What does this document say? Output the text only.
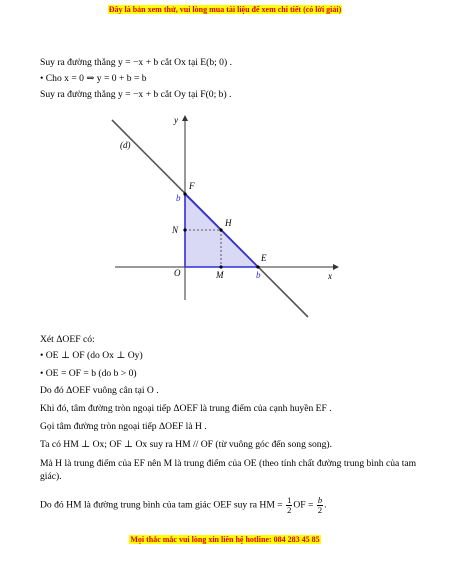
Đây là bản xem thử, vui lòng mua tài liệu để xem chi tiết (có lời giải)
Suy ra đường thẳng y = −x + b cắt Ox tại E(b; 0) .
• Cho x = 0 ⇒ y = 0 + b = b
Suy ra đường thẳng y = −x + b cắt Oy tại F(0; b) .
(d)
y
x
O
F
H
N
E
M
b
b
Xét ΔOEF có:
• OE ⊥ OF (do Ox ⊥ Oy)
• OE = OF = b (do b > 0)
Do đó ΔOEF vuông cân tại O .
Khi đó, tâm đường tròn ngoại tiếp ΔOEF là trung điểm của cạnh huyền EF .
Gọi tâm đường tròn ngoại tiếp ΔOEF là H .
Ta có HM ⊥ Ox; OF ⊥ Ox suy ra HM // OF (từ vuông góc đến song song).
Mà H là trung điểm của EF nên M là trung điểm của OE (theo tính chất đường trung bình của tam giác).
Do đó HM là đường trung bình của tam giác OEF suy ra HM = $\frac{1}{2}$ OF = $\frac{b}{2}$ .
Mọi thắc mắc vui lòng xin liên hệ hotline: 084 283 45 85
